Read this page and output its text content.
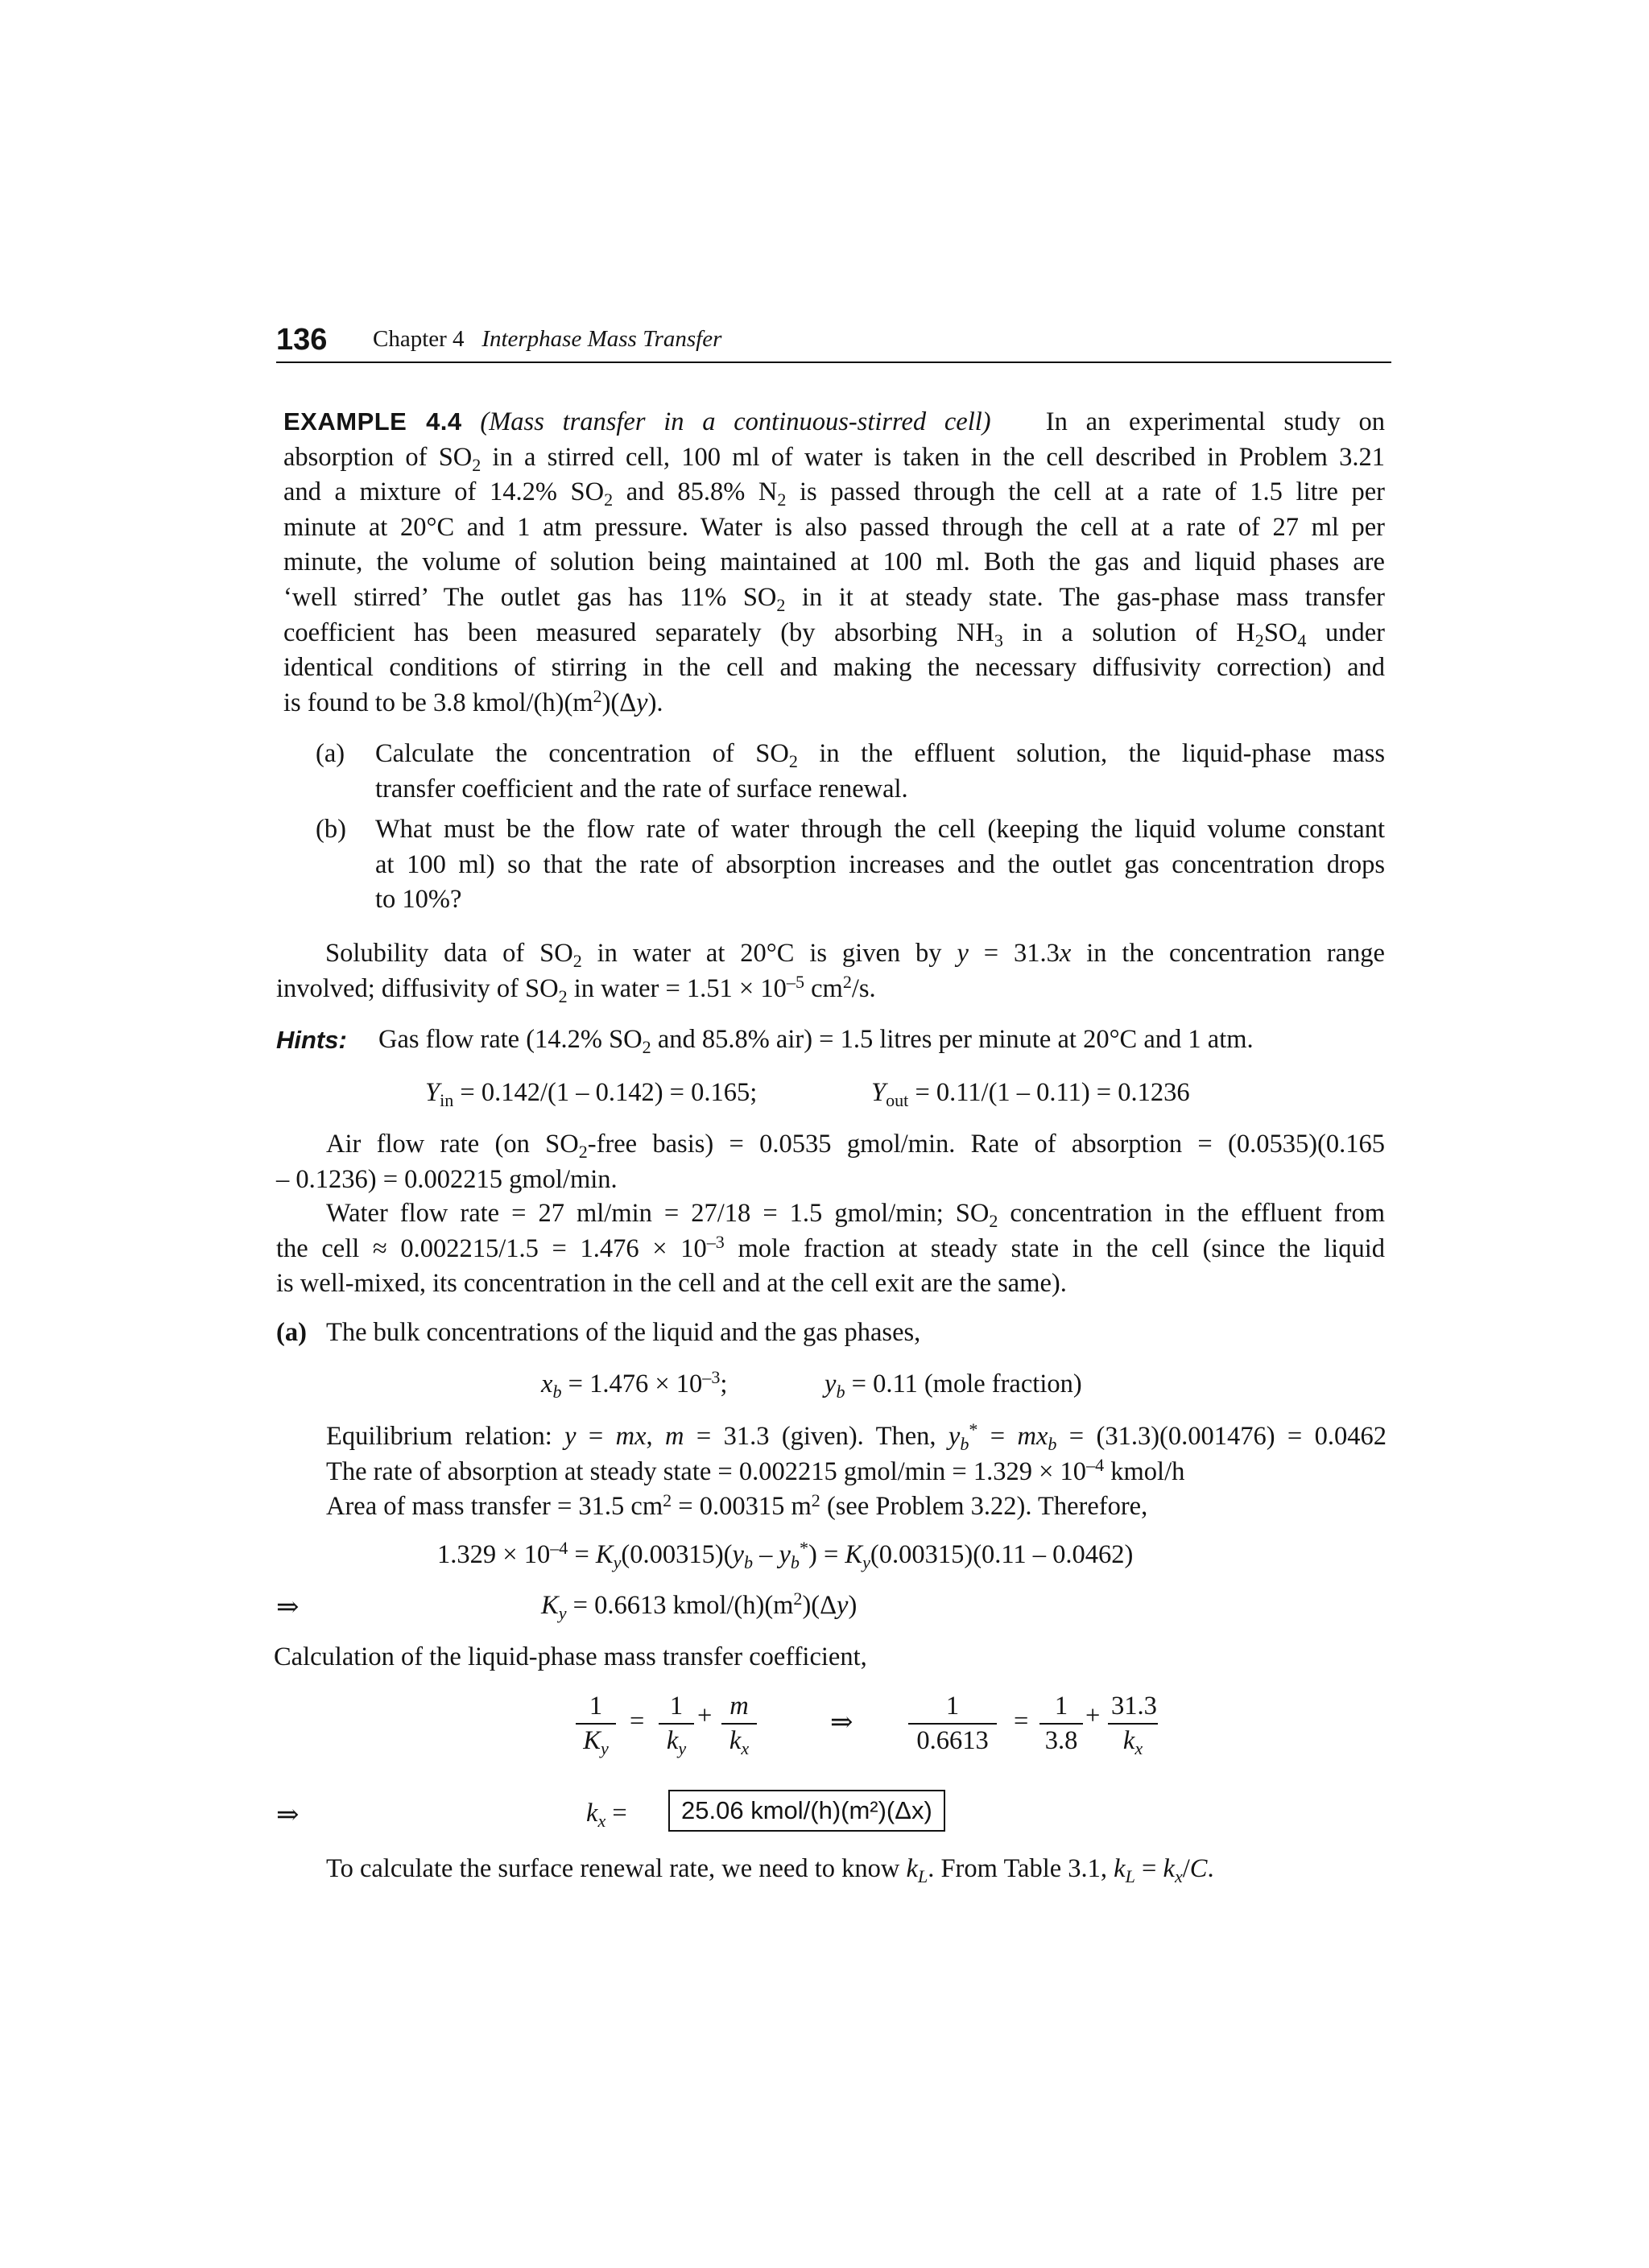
136 Chapter 4 Interphase Mass Transfer
EXAMPLE 4.4 (Mass transfer in a continuous-stirred cell) In an experimental study on
absorption of $SO_2$ in a stirred cell, 100 ml of water is taken in the cell described in Problem 3.21
and a mixture of 14.2% $SO_2$ and 85.8% $N_2$ is passed through the cell at a rate of 1.5 litre per
minute at 20°C and 1 atm pressure. Water is also passed through the cell at a rate of 27 ml per
minute, the volume of solution being maintained at 100 ml. Both the gas and liquid phases are
‘well stirred’ The outlet gas has 11% $SO_2$ in it at steady state. The gas-phase mass transfer
coefficient has been measured separately (by absorbing $NH_3$ in a solution of $H_2SO_4$ under
identical conditions of stirring in the cell and making the necessary diffusivity correction) and
is found to be 3.8 kmol/$(h)(m^2)(\Delta y)$.
(a) Calculate the concentration of $SO_2$ in the effluent solution, the liquid-phase mass
transfer coefficient and the rate of surface renewal.
(b) What must be the flow rate of water through the cell (keeping the liquid volume constant
at 100 ml) so that the rate of absorption increases and the outlet gas concentration drops
to 10%?
Solubility data of $SO_2$ in water at 20°C is given by y = 31.3x in the concentration range
involved; diffusivity of $SO_2$ in water = $1.51 \times 10^{-5}$ $cm^2/s$.
Hints: Gas flow rate (14.2% $SO_2$ and 85.8% air) = 1.5 litres per minute at 20°C and 1 atm.
$Y_{in} = 0.142/(1 - 0.142) = 0.165$;	$Y_{out} = 0.11/(1 - 0.11) = 0.1236$
Air flow rate (on $SO_2$-free basis) = 0.0535 gmol/min. Rate of absorption = (0.0535)(0.165
– 0.1236) = 0.002215 gmol/min.
Water flow rate = 27 ml/min = 27/18 = 1.5 gmol/min; $SO_2$ concentration in the effluent from
the cell ≈ $0.002215/1.5 = 1.476 \times 10^{-3}$ mole fraction at steady state in the cell (since the liquid
is well-mixed, its concentration in the cell and at the cell exit are the same).
(a) The bulk concentrations of the liquid and the gas phases,
$x_b = 1.476 \times 10^{-3}$;	$y_b = 0.11$ (mole fraction)
Equilibrium relation: y = mx, m = 31.3 (given). Then, $y_b^* = mx_b = (31.3)(0.001476) = 0.0462$
The rate of absorption at steady state = 0.002215 gmol/min = $1.329 \times 10^{-4}$ kmol/h
Area of mass transfer = 31.5 $cm^2 = 0.00315$ $m^2$ (see Problem 3.22). Therefore,
$1.329 \times 10^{-4} = K_y(0.00315)(y_b - y_b^*) = K_y(0.00315)(0.11 - 0.0462)$
⇒	$K_y = 0.6613$ kmol/$(h)(m^2)(\Delta y)$
Calculation of the liquid-phase mass transfer coefficient,
$\frac{1}{K_y} = \frac{1}{k_y} + \frac{m}{k_x}$	⇒ $\frac{1}{0.6613} = \frac{1}{3.8} + \frac{31.3}{k_x}$
⇒	$k_x$ =	25.06 kmol/(h)(m²)(Δx)
To calculate the surface renewal rate, we need to know $k_L$. From Table 3.1, $k_L = k_x/C$.
